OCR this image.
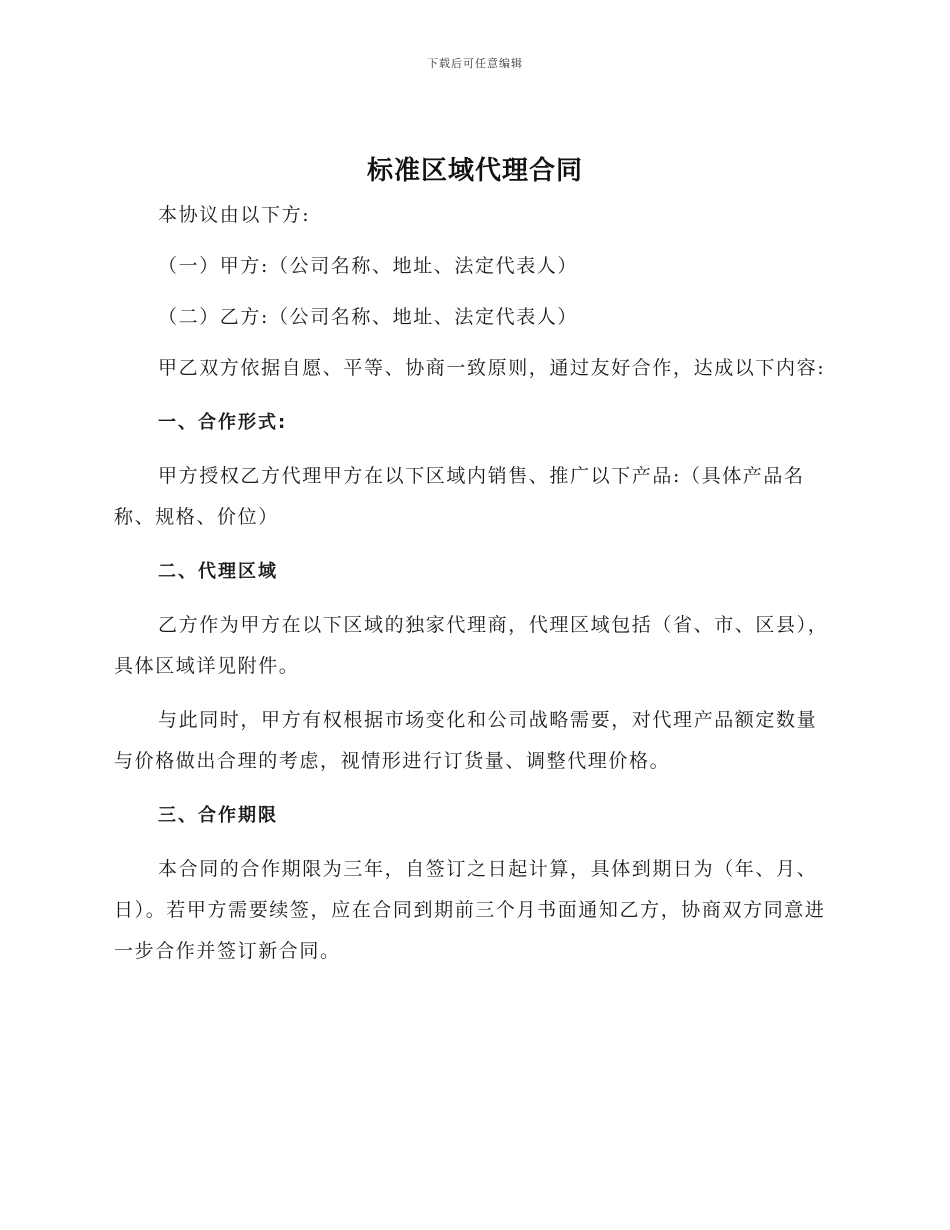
下载后可任意编辑
标准区域代理合同

本协议由以下方:

（一）甲方:（公司名称、地址、法定代表人）

（二）乙方:（公司名称、地址、法定代表人）

甲乙双方依据自愿、平等、协商一致原则，通过友好合作，达成以下内容:

一、合作形式:

甲方授权乙方代理甲方在以下区域内销售、推广以下产品:（具体产品名称、规格、价位）

二、代理区域

乙方作为甲方在以下区域的独家代理商，代理区域包括（省、市、区县），具体区域详见附件。

与此同时，甲方有权根据市场变化和公司战略需要，对代理产品额定数量与价格做出合理的考虑，视情形进行订货量、调整代理价格。

三、合作期限

本合同的合作期限为三年，自签订之日起计算，具体到期日为（年、月、日）。若甲方需要续签，应在合同到期前三个月书面通知乙方，协商双方同意进一步合作并签订新合同。
